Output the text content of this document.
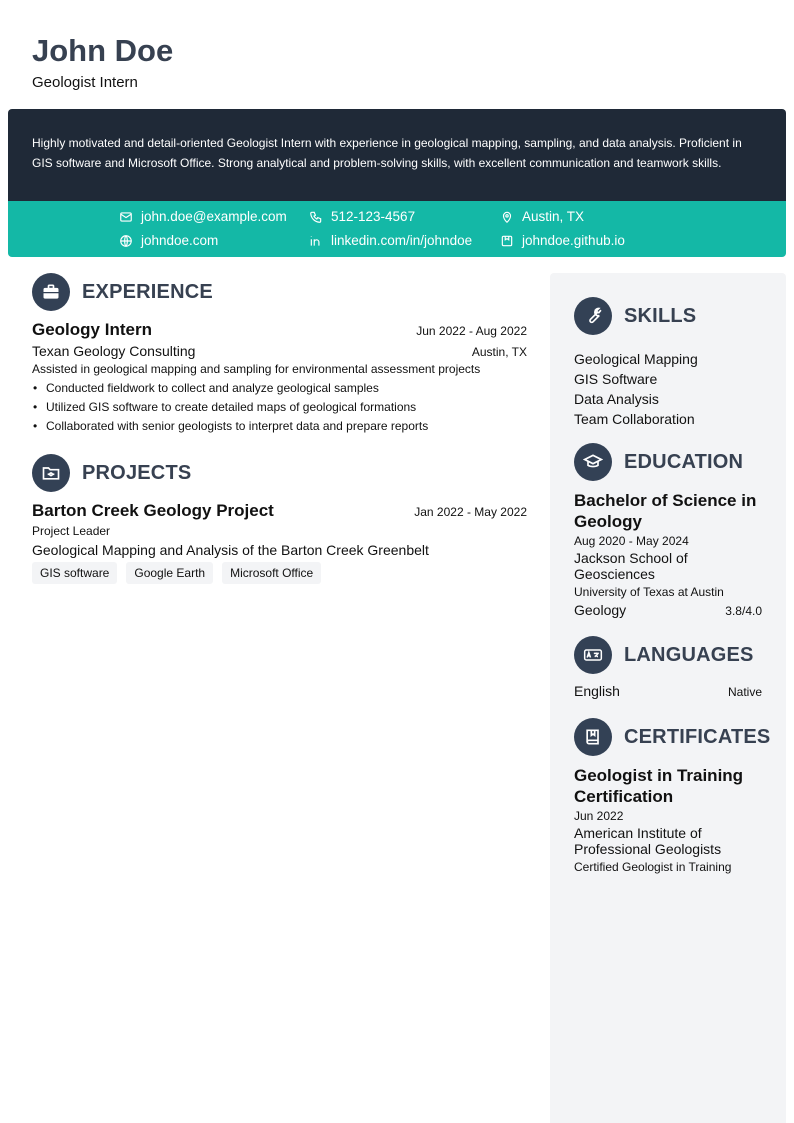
John Doe
Geologist Intern

Highly motivated and detail-oriented Geologist Intern with experience in geological mapping, sampling, and data analysis. Proficient in GIS software and Microsoft Office. Strong analytical and problem-solving skills, with excellent communication and teamwork skills.

john.doe@example.com	512-123-4567	Austin, TX
johndoe.com	linkedin.com/in/johndoe	johndoe.github.io
EXPERIENCE
Geology Intern	Jun 2022 - Aug 2022
Texan Geology Consulting	Austin, TX
Assisted in geological mapping and sampling for environmental assessment projects
• Conducted fieldwork to collect and analyze geological samples
• Utilized GIS software to create detailed maps of geological formations
• Collaborated with senior geologists to interpret data and prepare reports
PROJECTS
Barton Creek Geology Project	Jan 2022 - May 2022
Project Leader
Geological Mapping and Analysis of the Barton Creek Greenbelt
GIS software	Google Earth	Microsoft Office
SKILLS
Geological Mapping
GIS Software
Data Analysis
Team Collaboration
EDUCATION
Bachelor of Science in Geology
Aug 2020 - May 2024
Jackson School of Geosciences
University of Texas at Austin
Geology	3.8/4.0
LANGUAGES
English	Native
CERTIFICATES
Geologist in Training Certification
Jun 2022
American Institute of Professional Geologists
Certified Geologist in Training
